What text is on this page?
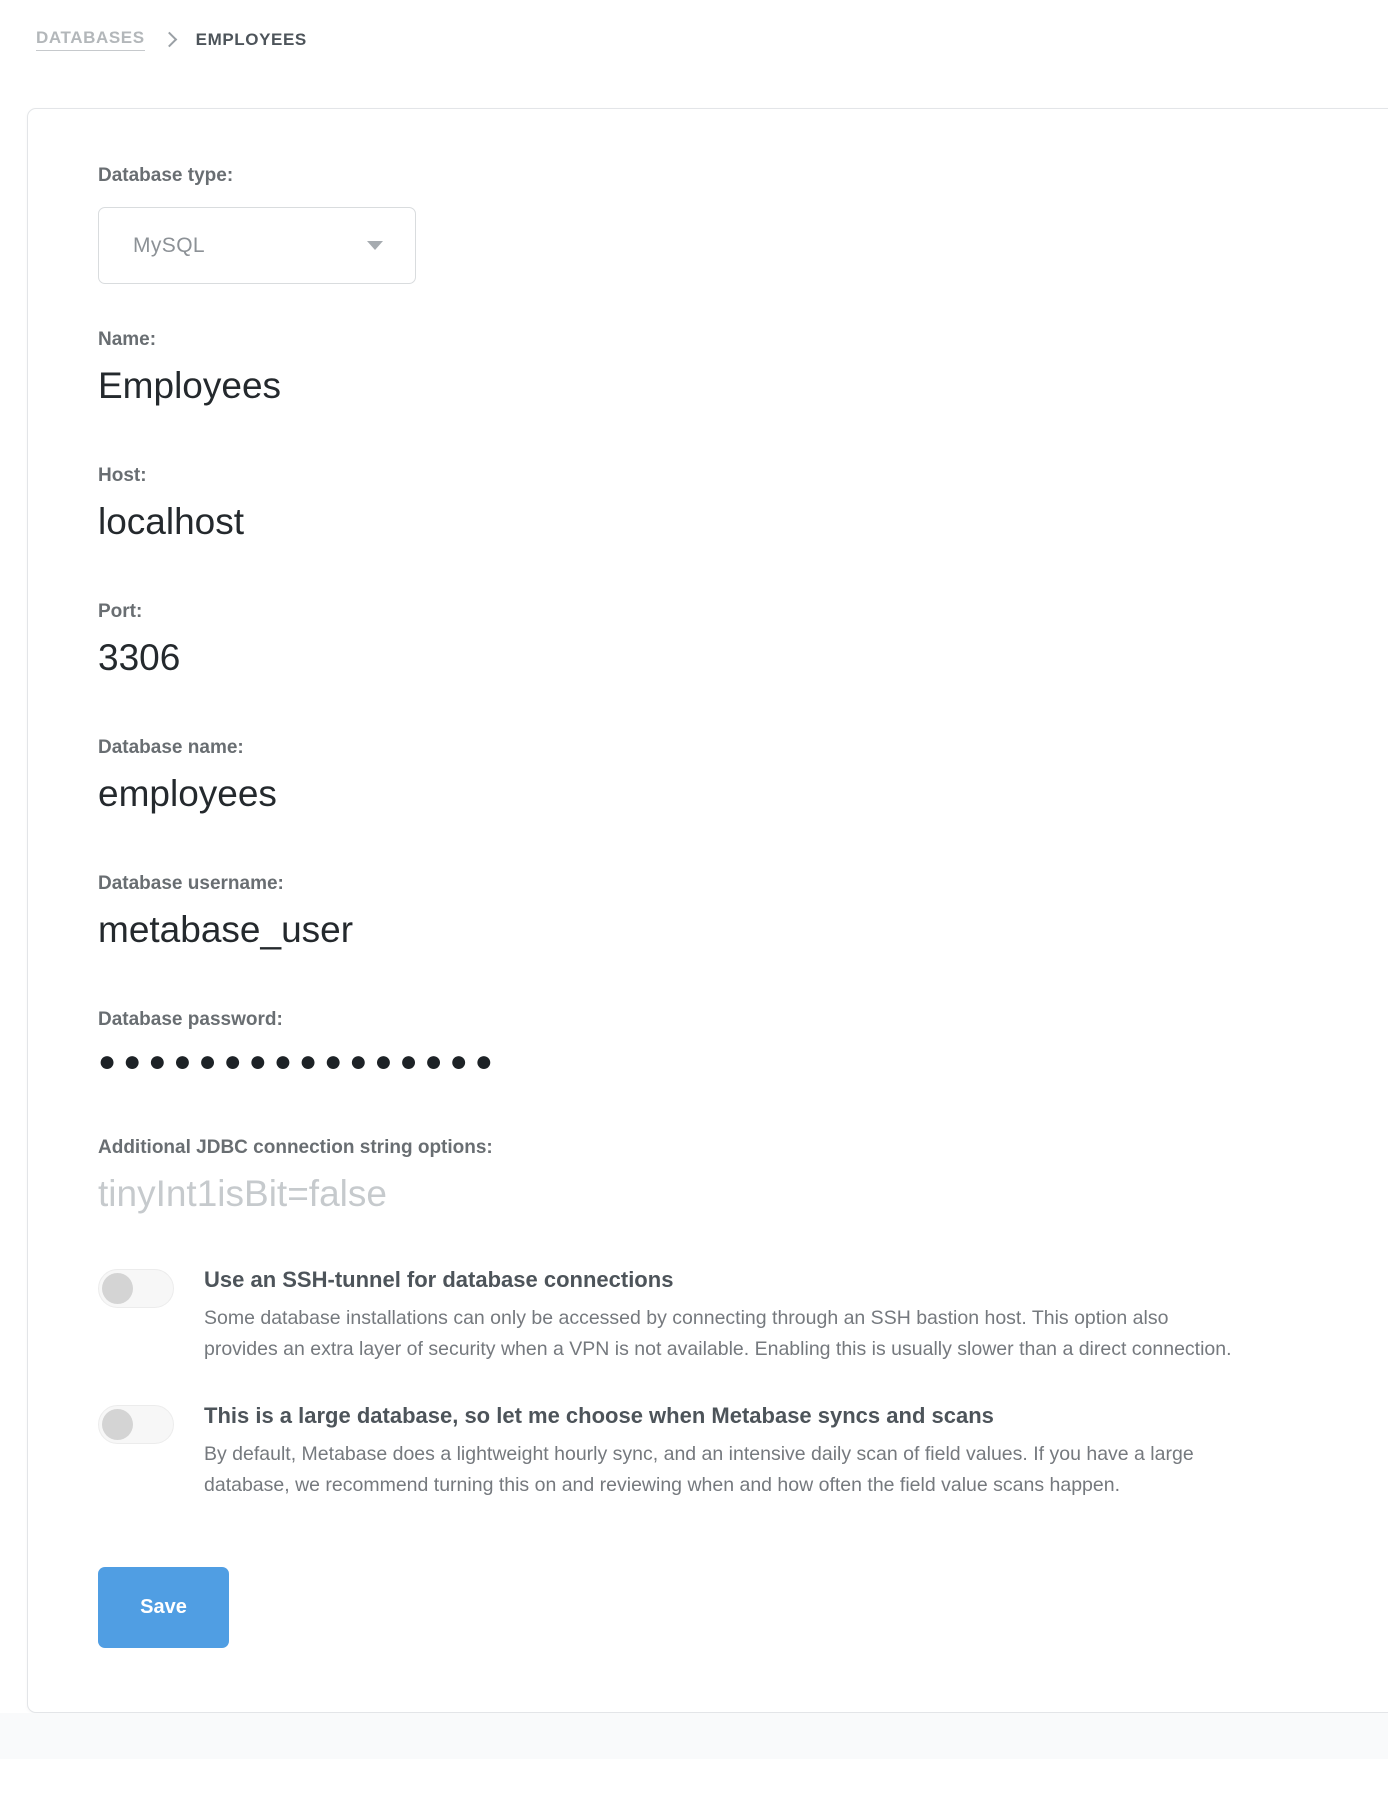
DATABASES	EMPLOYEES
Database type:
MySQL
Name:
Employees
Host:
localhost
Port:
3306
Database name:
employees
Database username:
metabase_user
Database password:
●●●●●●●●●●●●●●●●
Additional JDBC connection string options:
tinyInt1isBit=false
Use an SSH-tunnel for database connections

Some database installations can only be accessed by connecting through an SSH bastion host. This option also provides an extra layer of security when a VPN is not available. Enabling this is usually slower than a direct connection.

This is a large database, so let me choose when Metabase syncs and scans

By default, Metabase does a lightweight hourly sync, and an intensive daily scan of field values. If you have a large database, we recommend turning this on and reviewing when and how often the field value scans happen.

Save
